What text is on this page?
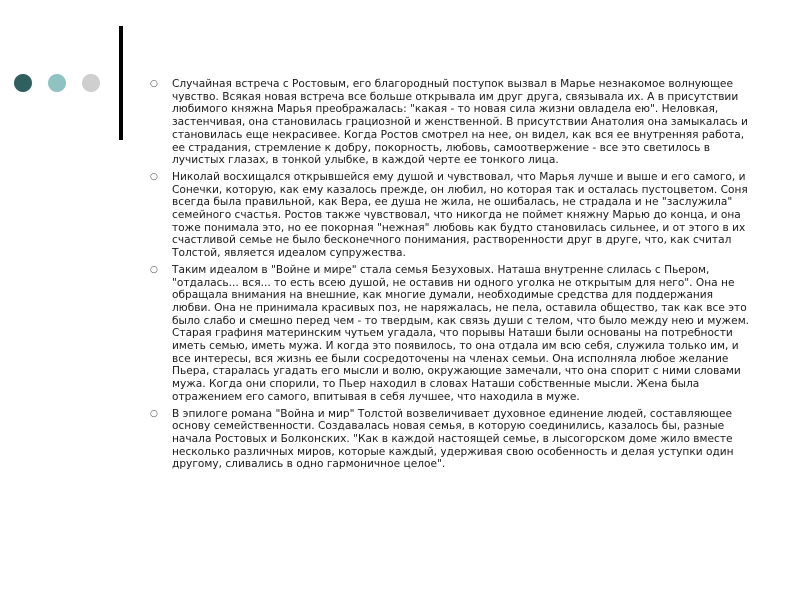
○ Случайная встреча с Ростовым, его благородный поступок вызвал в Марье незнакомое волнующее чувство. Всякая новая встреча все больше открывала им друг друга, связывала их. А в присутствии любимого княжна Марья преображалась: "какая - то новая сила жизни овладела ею". Неловкая, застенчивая, она становилась грациозной и женственной. В присутствии Анатолия она замыкалась и становилась еще некрасивее. Когда Ростов смотрел на нее, он видел, как вся ее внутренняя работа, ее страдания, стремление к добру, покорность, любовь, самоотвержение - все это светилось в лучистых глазах, в тонкой улыбке, в каждой черте ее тонкого лица.
○ Николай восхищался открывшейся ему душой и чувствовал, что Марья лучше и выше и его самого, и Сонечки, которую, как ему казалось прежде, он любил, но которая так и осталась пустоцветом. Соня всегда была правильной, как Вера, ее душа не жила, не ошибалась, не страдала и не "заслужила" семейного счастья. Ростов также чувствовал, что никогда не поймет княжну Марью до конца, и она тоже понимала это, но ее покорная "нежная" любовь как будто становилась сильнее, и от этого в их счастливой семье не было бесконечного понимания, растворенности друг в друге, что, как считал Толстой, является идеалом супружества.
○ Таким идеалом в "Войне и мире" стала семья Безуховых. Наташа внутренне слилась с Пьером, "отдалась... вся... то есть всею душой, не оставив ни одного уголка не открытым для него". Она не обращала внимания на внешние, как многие думали, необходимые средства для поддержания любви. Она не принимала красивых поз, не наряжалась, не пела, оставила общество, так как все это было слабо и смешно перед чем - то твердым, как связь души с телом, что было между нею и мужем. Старая графиня материнским чутьем угадала, что порывы Наташи были основаны на потребности иметь семью, иметь мужа. И когда это появилось, то она отдала им всю себя, служила только им, и все интересы, вся жизнь ее были сосредоточены на членах семьи. Она исполняла любое желание Пьера, старалась угадать его мысли и волю, окружающие замечали, что она спорит с ними словами мужа. Когда они спорили, то Пьер находил в словах Наташи собственные мысли. Жена была отражением его самого, впитывая в себя лучшее, что находила в муже.
○ В эпилоге романа "Война и мир" Толстой возвеличивает духовное единение людей, составляющее основу семейственности. Создавалась новая семья, в которую соединились, казалось бы, разные начала Ростовых и Болконских. "Как в каждой настоящей семье, в лысогорском доме жило вместе несколько различных миров, которые каждый, удерживая свою особенность и делая уступки один другому, сливались в одно гармоничное целое".
